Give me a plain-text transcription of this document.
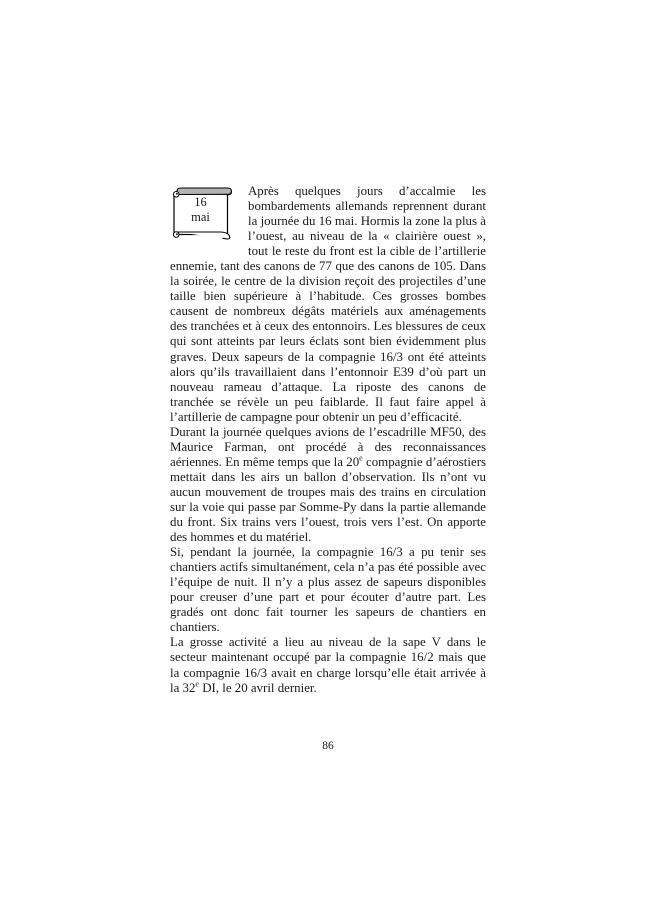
16
mai

Après quelques jours d’accalmie les bombardements allemands reprennent durant la journée du 16 mai. Hormis la zone la plus à l’ouest, au niveau de la « clairière ouest », tout le reste du front est la cible de l’artillerie ennemie, tant des canons de 77 que des canons de 105. Dans la soirée, le centre de la division reçoit des projectiles d’une taille bien supérieure à l’habitude. Ces grosses bombes causent de nombreux dégâts matériels aux aménagements des tranchées et à ceux des entonnoirs. Les blessures de ceux qui sont atteints par leurs éclats sont bien évidemment plus graves. Deux sapeurs de la compagnie 16/3 ont été atteints alors qu’ils travaillaient dans l’entonnoir E39 d’où part un nouveau rameau d’attaque. La riposte des canons de tranchée se révèle un peu faiblarde. Il faut faire appel à l’artillerie de campagne pour obtenir un peu d’efficacité.

Durant la journée quelques avions de l’escadrille MF50, des Maurice Farman, ont procédé à des reconnaissances aériennes. En même temps que la 20e compagnie d’aérostiers mettait dans les airs un ballon d’observation. Ils n’ont vu aucun mouvement de troupes mais des trains en circulation sur la voie qui passe par Somme-Py dans la partie allemande du front. Six trains vers l’ouest, trois vers l’est. On apporte des hommes et du matériel.

Si, pendant la journée, la compagnie 16/3 a pu tenir ses chantiers actifs simultanément, cela n’a pas été possible avec l’équipe de nuit. Il n’y a plus assez de sapeurs disponibles pour creuser d’une part et pour écouter d’autre part. Les gradés ont donc fait tourner les sapeurs de chantiers en chantiers.

La grosse activité a lieu au niveau de la sape V dans le secteur maintenant occupé par la compagnie 16/2 mais que la compagnie 16/3 avait en charge lorsqu’elle était arrivée à la 32e DI, le 20 avril dernier.

86
